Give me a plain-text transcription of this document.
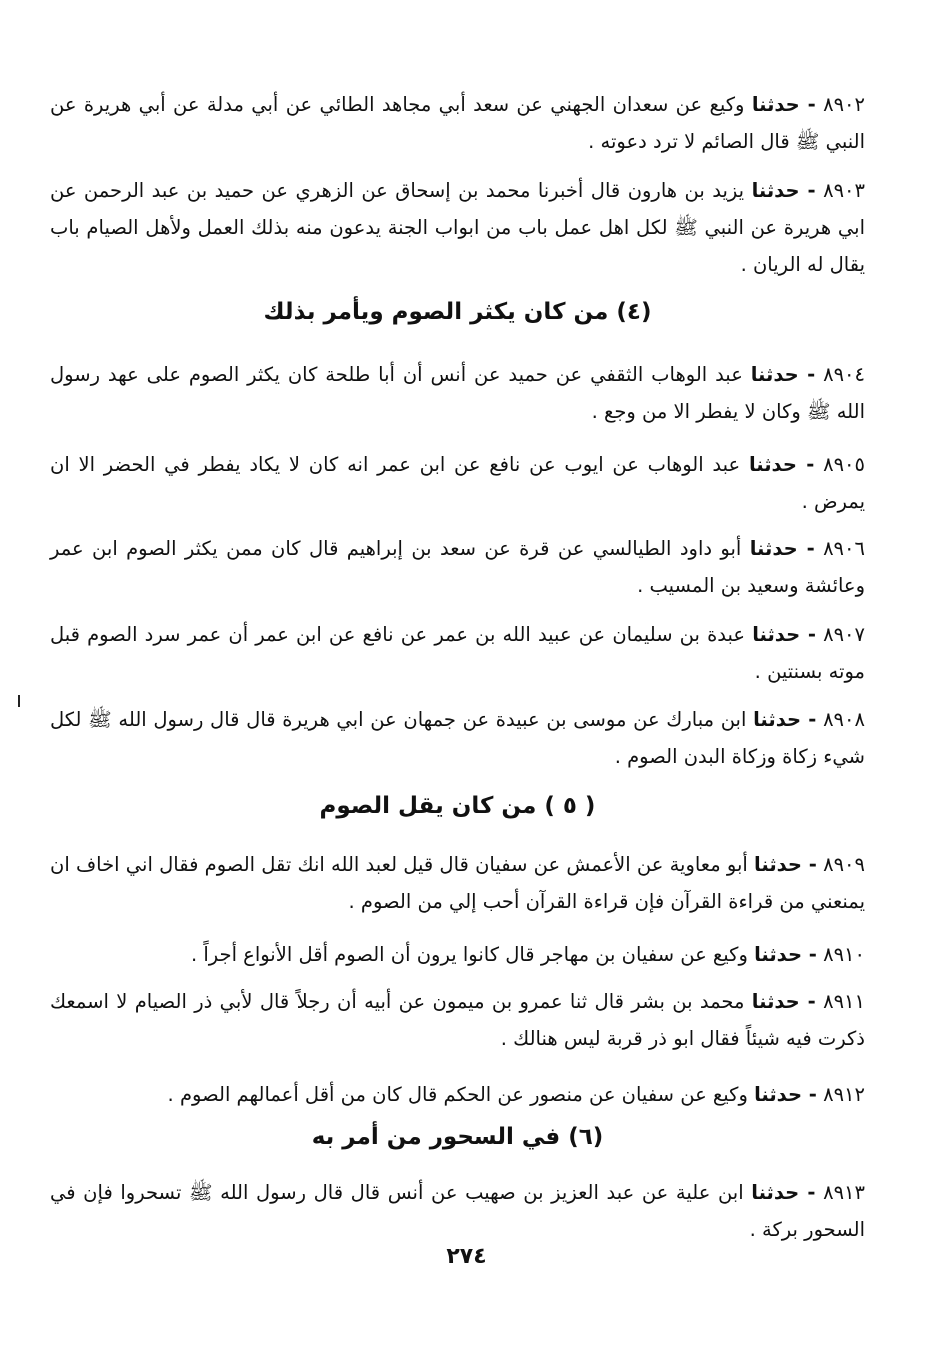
٨٩٠٢ - حدثنا وكيع عن سعدان الجهني عن سعد أبي مجاهد الطائي عن أبي مدلة عن أبي هريرة عن النبي ﷺ قال الصائم لا ترد دعوته .
٨٩٠٣ - حدثنا يزيد بن هارون قال أخبرنا محمد بن إسحاق عن الزهري عن حميد بن عبد الرحمن عن ابي هريرة عن النبي ﷺ لكل اهل عمل باب من ابواب الجنة يدعون منه بذلك العمل ولأهل الصيام باب يقال له الريان .
(٤) من كان يكثر الصوم ويأمر بذلك
٨٩٠٤ - حدثنا عبد الوهاب الثقفي عن حميد عن أنس أن أبا طلحة كان يكثر الصوم على عهد رسول الله ﷺ وكان لا يفطر الا من وجع .
٨٩٠٥ - حدثنا عبد الوهاب عن ايوب عن نافع عن ابن عمر انه كان لا يكاد يفطر في الحضر الا ان يمرض .
٨٩٠٦ - حدثنا أبو داود الطيالسي عن قرة عن سعد بن إبراهيم قال كان ممن يكثر الصوم ابن عمر وعائشة وسعيد بن المسيب .
٨٩٠٧ - حدثنا عبدة بن سليمان عن عبيد الله بن عمر عن نافع عن ابن عمر أن عمر سرد الصوم قبل موته بسنتين .
٨٩٠٨ - حدثنا ابن مبارك عن موسى بن عبيدة عن جمهان عن ابي هريرة قال قال رسول الله ﷺ لكل شيء زكاة وزكاة البدن الصوم .
( ٥ ) من كان يقل الصوم
٨٩٠٩ - حدثنا أبو معاوية عن الأعمش عن سفيان قال قيل لعبد الله انك تقل الصوم فقال اني اخاف ان يمنعني من قراءة القرآن فإن قراءة القرآن أحب إلي من الصوم .
٨٩١٠ - حدثنا وكيع عن سفيان بن مهاجر قال كانوا يرون أن الصوم أقل الأنواع أجراً .
٨٩١١ - حدثنا محمد بن بشر قال ثنا عمرو بن ميمون عن أبيه أن رجلاً قال لأبي ذر الصيام لا اسمعك ذكرت فيه شيئاً فقال ابو ذر قربة ليس هنالك .
٨٩١٢ - حدثنا وكيع عن سفيان عن منصور عن الحكم قال كان من أقل أعمالهم الصوم .
(٦) في السحور من أمر به
٨٩١٣ - حدثنا ابن علية عن عبد العزيز بن صهيب عن أنس قال قال رسول الله ﷺ تسحروا فإن في السحور بركة .
٢٧٤
